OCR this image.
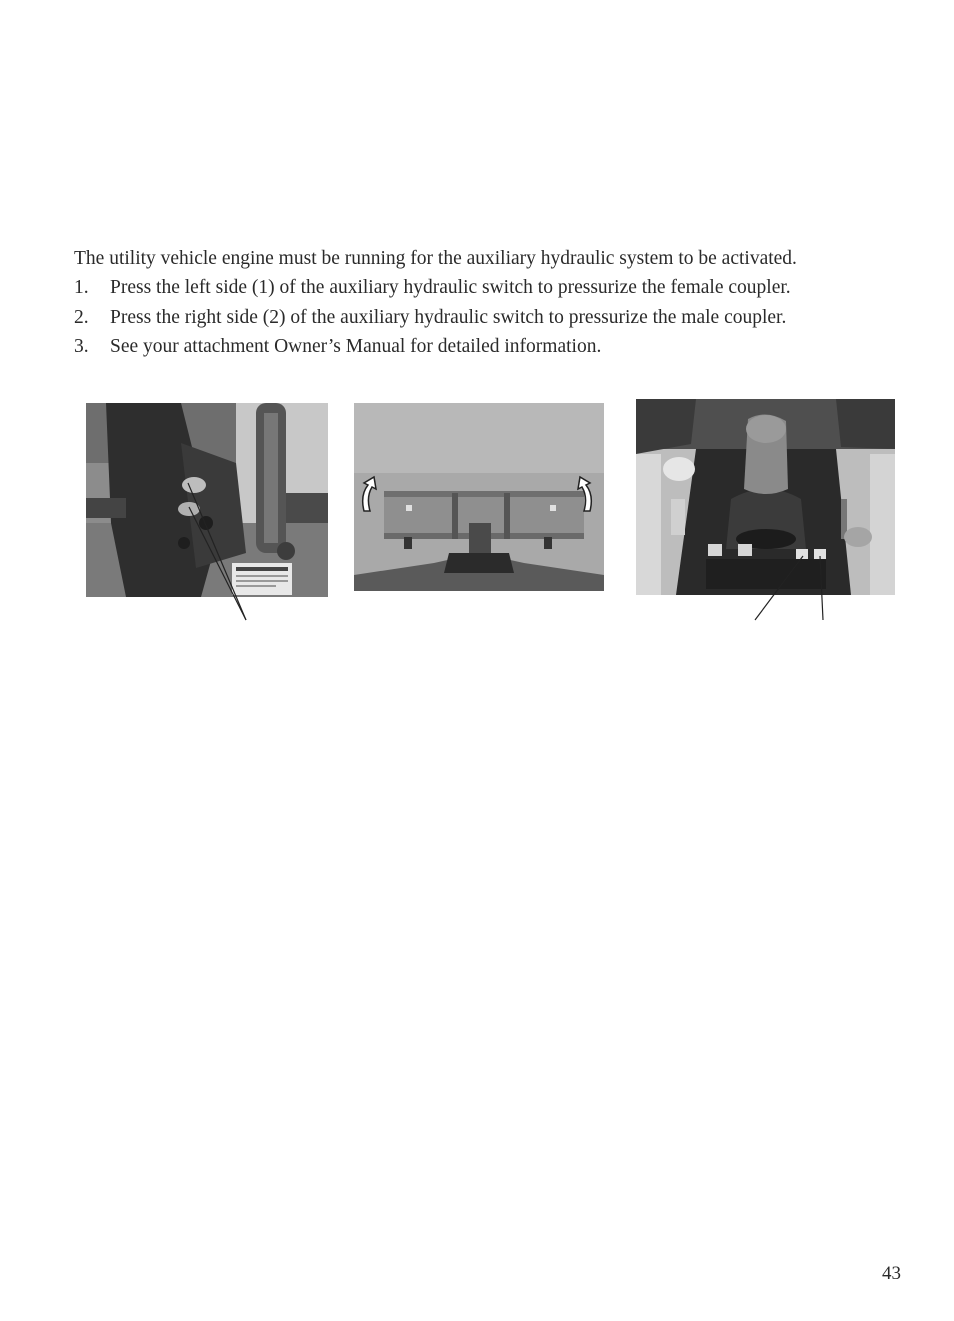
The utility vehicle engine must be running for the auxiliary hydraulic system to be activated.

1.	Press the left side (1) of the auxiliary hydraulic switch to pressurize the female coupler.
2.	Press the right side (2) of the auxiliary hydraulic switch to pressurize the male coupler.
3.	See your attachment Owner’s Manual for detailed information.
43
